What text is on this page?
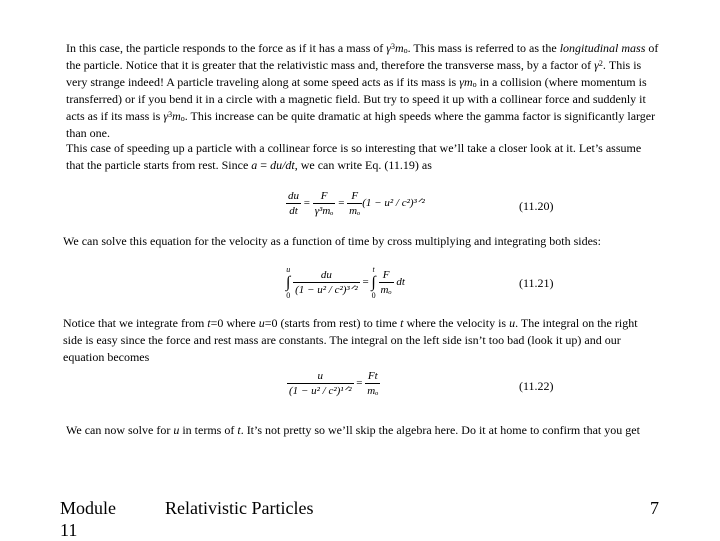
In this case, the particle responds to the force as if it has a mass of $\gamma^3mo$. This mass is referred to as the longitudinal mass of
the particle. Notice that it is greater that the relativistic mass and, therefore the transverse mass, by a factor of $\gamma^2$. This is
very strange indeed! A particle traveling along at some speed acts as if its mass is γmo in a collision (where momentum is
transferred) or if you bend it in a circle with a magnetic field. But try to speed it up with a collinear force and suddenly it
acts as if its mass is $\gamma^3mo$. This increase can be quite dramatic at high speeds where the gamma factor is significantly larger
than one.
This case of speeding up a particle with a collinear force is so interesting that we’ll take a closer look at it. Let’s assume
that the particle starts from rest. Since a = du/dt, we can write Eq. (11.19) as
We can solve this equation for the velocity as a function of time by cross multiplying and integrating both sides:
Notice that we integrate from t=0 where u=0 (starts from rest) to time t where the velocity is u. The integral on the right
side is easy since the force and rest mass are constants. The integral on the left side isn’t too bad (look it up) and our
equation becomes
We can now solve for u in terms of t. It’s not pretty so we’ll skip the algebra here. Do it at home to confirm that you get
$\frac{du}{dt} = \frac{F}{\text{γ³mₒ}} = \frac{F}{\text{mₒ}} (1 - u^2$ / c²)³ᐟ²	(11.20)
u
∫
0
$\frac{du}{\text{(1 − u² / c²)³ᐟ²}}$ =
t
∫
0
$\frac{F}{\text{mₒ}}$ dt	(11.21)
$\frac{u}{\text{(1 − u² / c²)¹ᐟ²}} = \frac{Ft}{\text{mₒ}}$	(11.22)
Module
11
Relativistic Particles	7
